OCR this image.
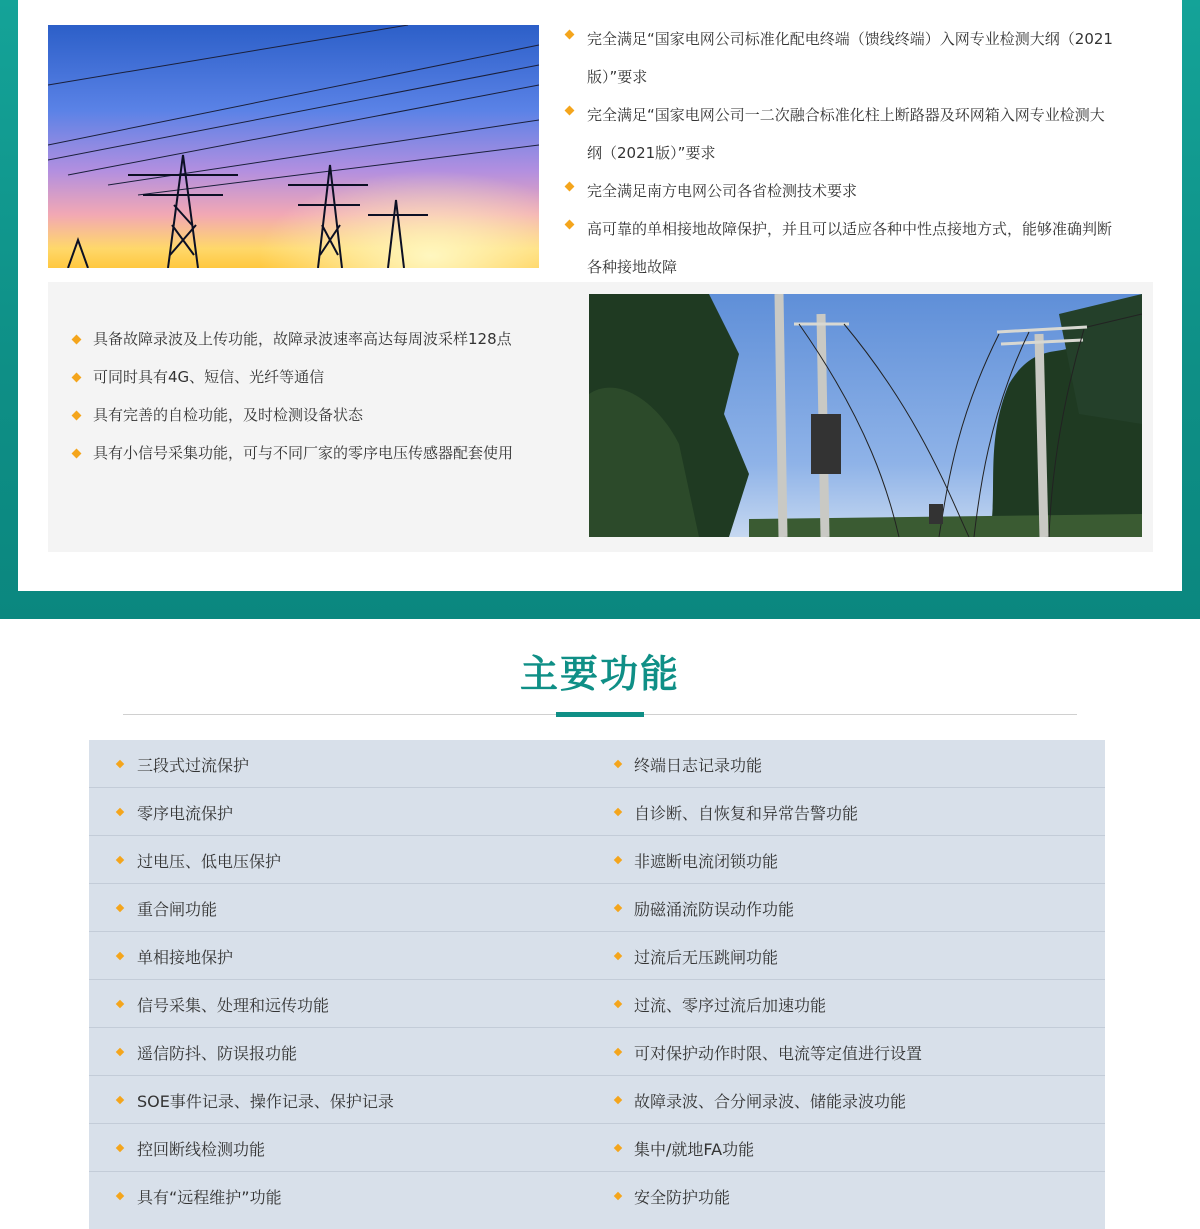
完全满足“国家电网公司标准化配电终端（馈线终端）入网专业检测大纲（2021
版）”要求
完全满足“国家电网公司一二次融合标准化柱上断路器及环网箱入网专业检测大
纲（2021版）”要求
完全满足南方电网公司各省检测技术要求
高可靠的单相接地故障保护，并且可以适应各种中性点接地方式，能够准确判断
各种接地故障
具备故障录波及上传功能，故障录波速率高达每周波采样128点
可同时具有4G、短信、光纤等通信
具有完善的自检功能，及时检测设备状态
具有小信号采集功能，可与不同厂家的零序电压传感器配套使用
主要功能
三段式过流保护	终端日志记录功能
零序电流保护	自诊断、自恢复和异常告警功能
过电压、低电压保护	非遮断电流闭锁功能
重合闸功能	励磁涌流防误动作功能
单相接地保护	过流后无压跳闸功能
信号采集、处理和远传功能	过流、零序过流后加速功能
遥信防抖、防误报功能	可对保护动作时限、电流等定值进行设置
SOE事件记录、操作记录、保护记录	故障录波、合分闸录波、储能录波功能
控回断线检测功能	集中/就地FA功能
具有“远程维护”功能	安全防护功能
